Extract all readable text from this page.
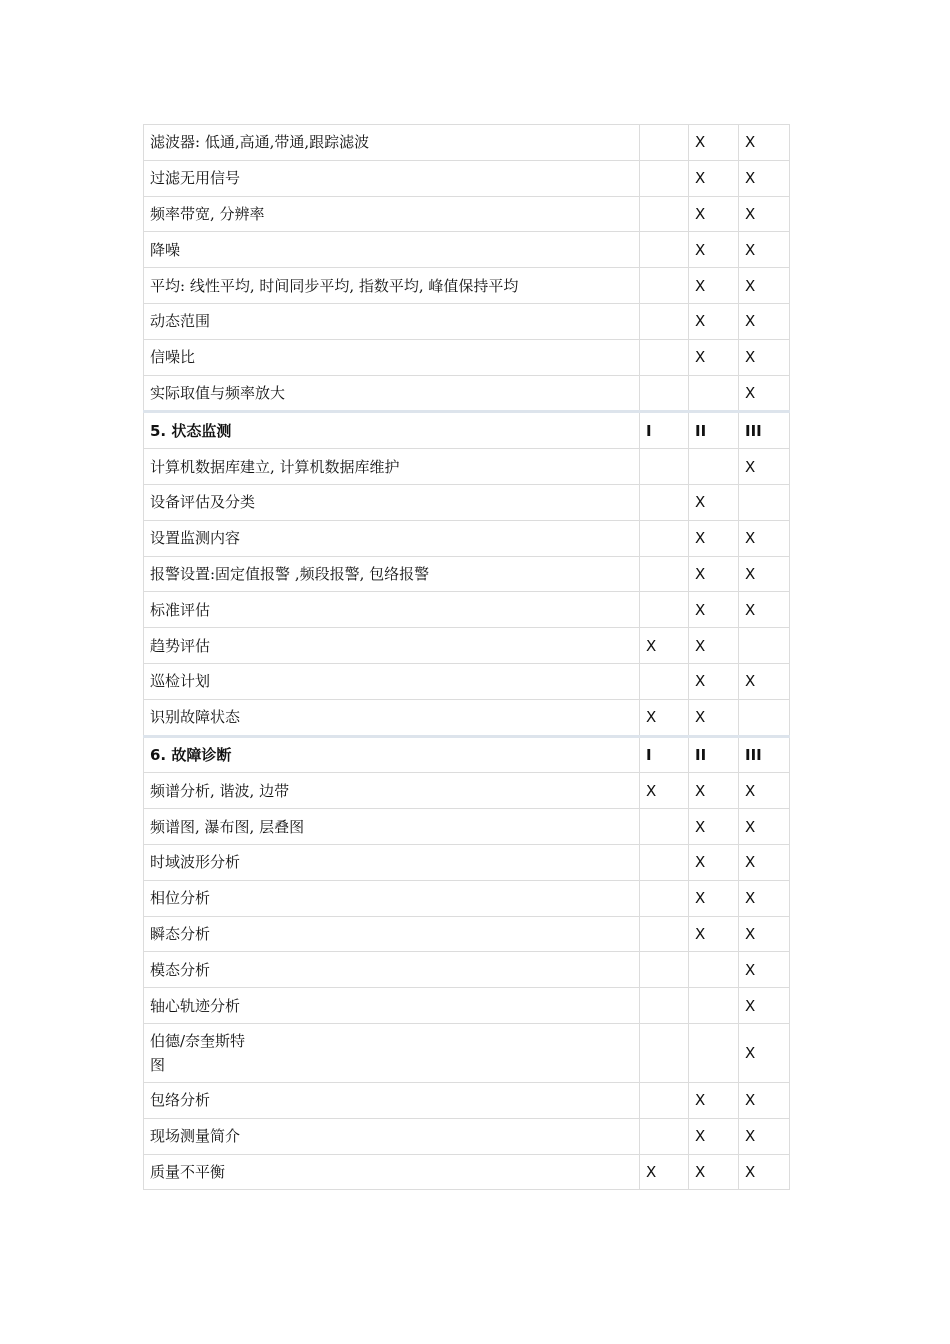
滤波器: 低通,高通,带通,跟踪滤波		X	X
过滤无用信号		X	X
频率带宽, 分辨率		X	X
降噪		X	X
平均: 线性平均, 时间同步平均, 指数平均, 峰值保持平均		X	X
动态范围		X	X
信噪比		X	X
实际取值与频率放大			X
5. 状态监测	I	II	III
计算机数据库建立, 计算机数据库维护			X
设备评估及分类		X	
设置监测内容		X	X
报警设置:固定值报警 ,频段报警, 包络报警		X	X
标准评估		X	X
趋势评估	X	X	
巡检计划		X	X
识别故障状态	X	X	
6. 故障诊断	I	II	III
频谱分析, 谐波, 边带	X	X	X
频谱图, 瀑布图, 层叠图		X	X
时域波形分析		X	X
相位分析		X	X
瞬态分析		X	X
模态分析			X
轴心轨迹分析			X
伯德/奈奎斯特图			X
包络分析		X	X
现场测量简介		X	X
质量不平衡	X	X	X
